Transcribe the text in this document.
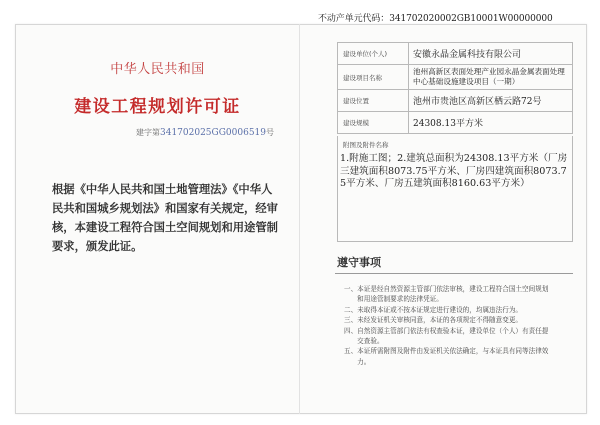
不动产单元代码：341702020002GB10001W00000000
中华人民共和国
建设工程规划许可证
建字第341702025GG0006519号
根据《中华人民共和国土地管理法》《中华人民共和国城乡规划法》和国家有关规定，经审核，本建设工程符合国土空间规划和用途管制要求，颁发此证。
建设单位(个人)	安徽永晶金属科技有限公司
建设项目名称	池州高新区表面处理产业园永晶金属表面处理中心基础设施建设项目（一期）
建设位置	池州市贵池区高新区栖云路72号
建设规模	24308.13平方米
附图及附件名称
1.附施工图；2.建筑总面积为24308.13平方米（厂房三建筑面积8073.75平方米、厂房四建筑面积8073.75平方米、厂房五建筑面积8160.63平方米）
遵守事项
一、本证是经自然资源主管部门依法审核，建设工程符合国土空间规划
　　和用途管制要求的法律凭证。
二、未取得本证或不按本证规定进行建设的，均属违法行为。
三、未经发证机关审核同意，本证的各项规定不得随意变更。
四、自然资源主管部门依法有权查验本证，建设单位（个人）有责任提
　　交查验。
五、本证所需附图及附件由发证机关依法确定，与本证具有同等法律效
　　力。
